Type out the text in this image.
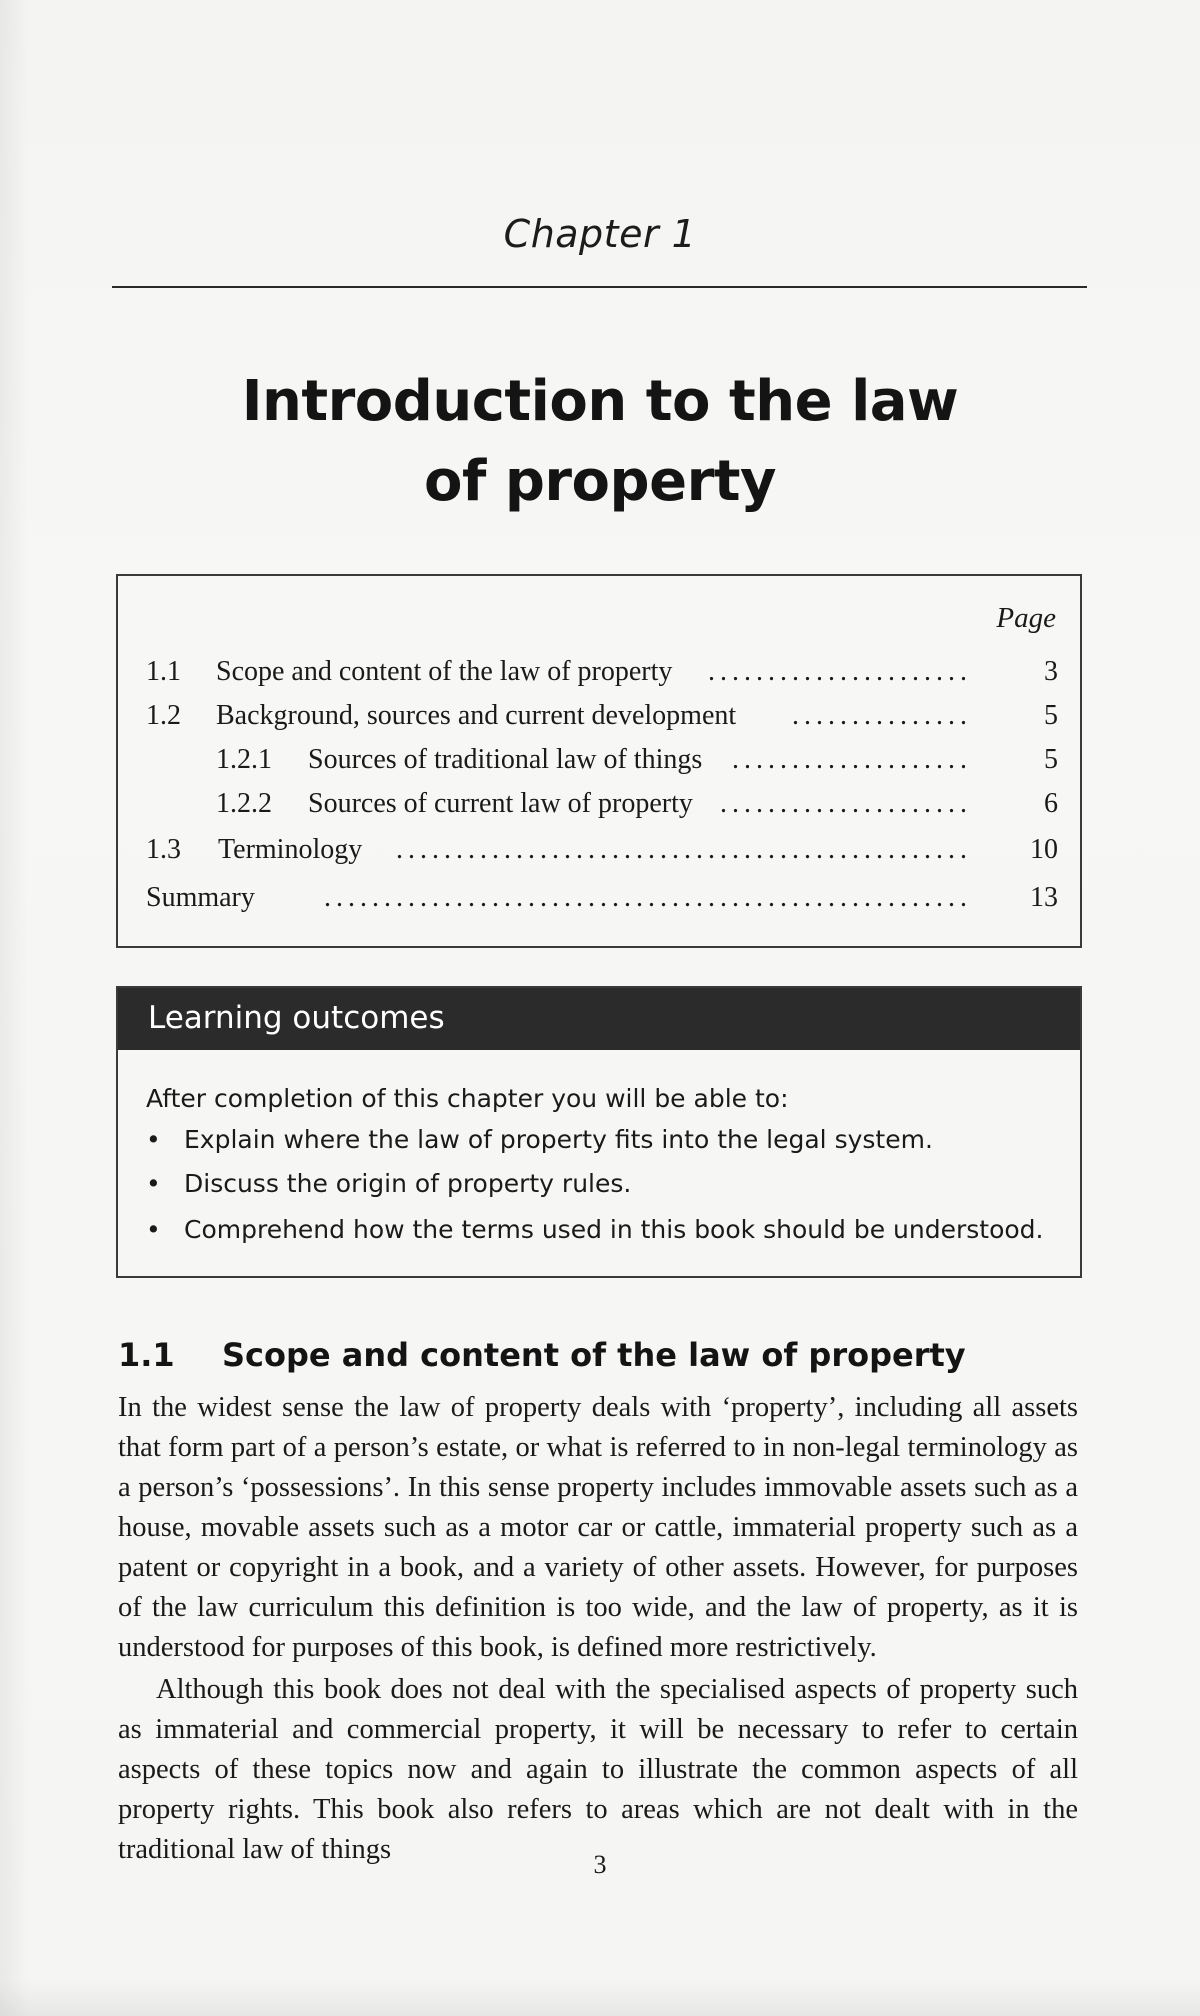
Chapter 1
Introduction to the law
of property
Page
1.1 Scope and content of the law of property ......................	3
1.2 Background, sources and current development ...............	5
1.2.1 Sources of traditional law of things ....................	5
1.2.2 Sources of current law of property .....................	6
1.3 Terminology	................................................	10
Summary	......................................................	13
Learning outcomes
After completion of this chapter you will be able to:
• Explain where the law of property fits into the legal system.
• Discuss the origin of property rules.
• Comprehend how the terms used in this book should be understood.
1.1 Scope and content of the law of property
In the widest sense the law of property deals with ‘property’, including all assets that form part of a person’s estate, or what is referred to in non-legal terminology as a person’s ‘possessions’. In this sense property includes immovable assets such as a house, movable assets such as a motor car or cattle, immaterial property such as a patent or copyright in a book, and a variety of other assets. However, for purposes of the law curriculum this definition is too wide, and the law of property, as it is understood for purposes of this book, is defined more restrictively.
Although this book does not deal with the specialised aspects of property such as immaterial and commercial property, it will be necessary to refer to certain aspects of these topics now and again to illustrate the common aspects of all property rights. This book also refers to areas which are not dealt with in the traditional law of things	3
